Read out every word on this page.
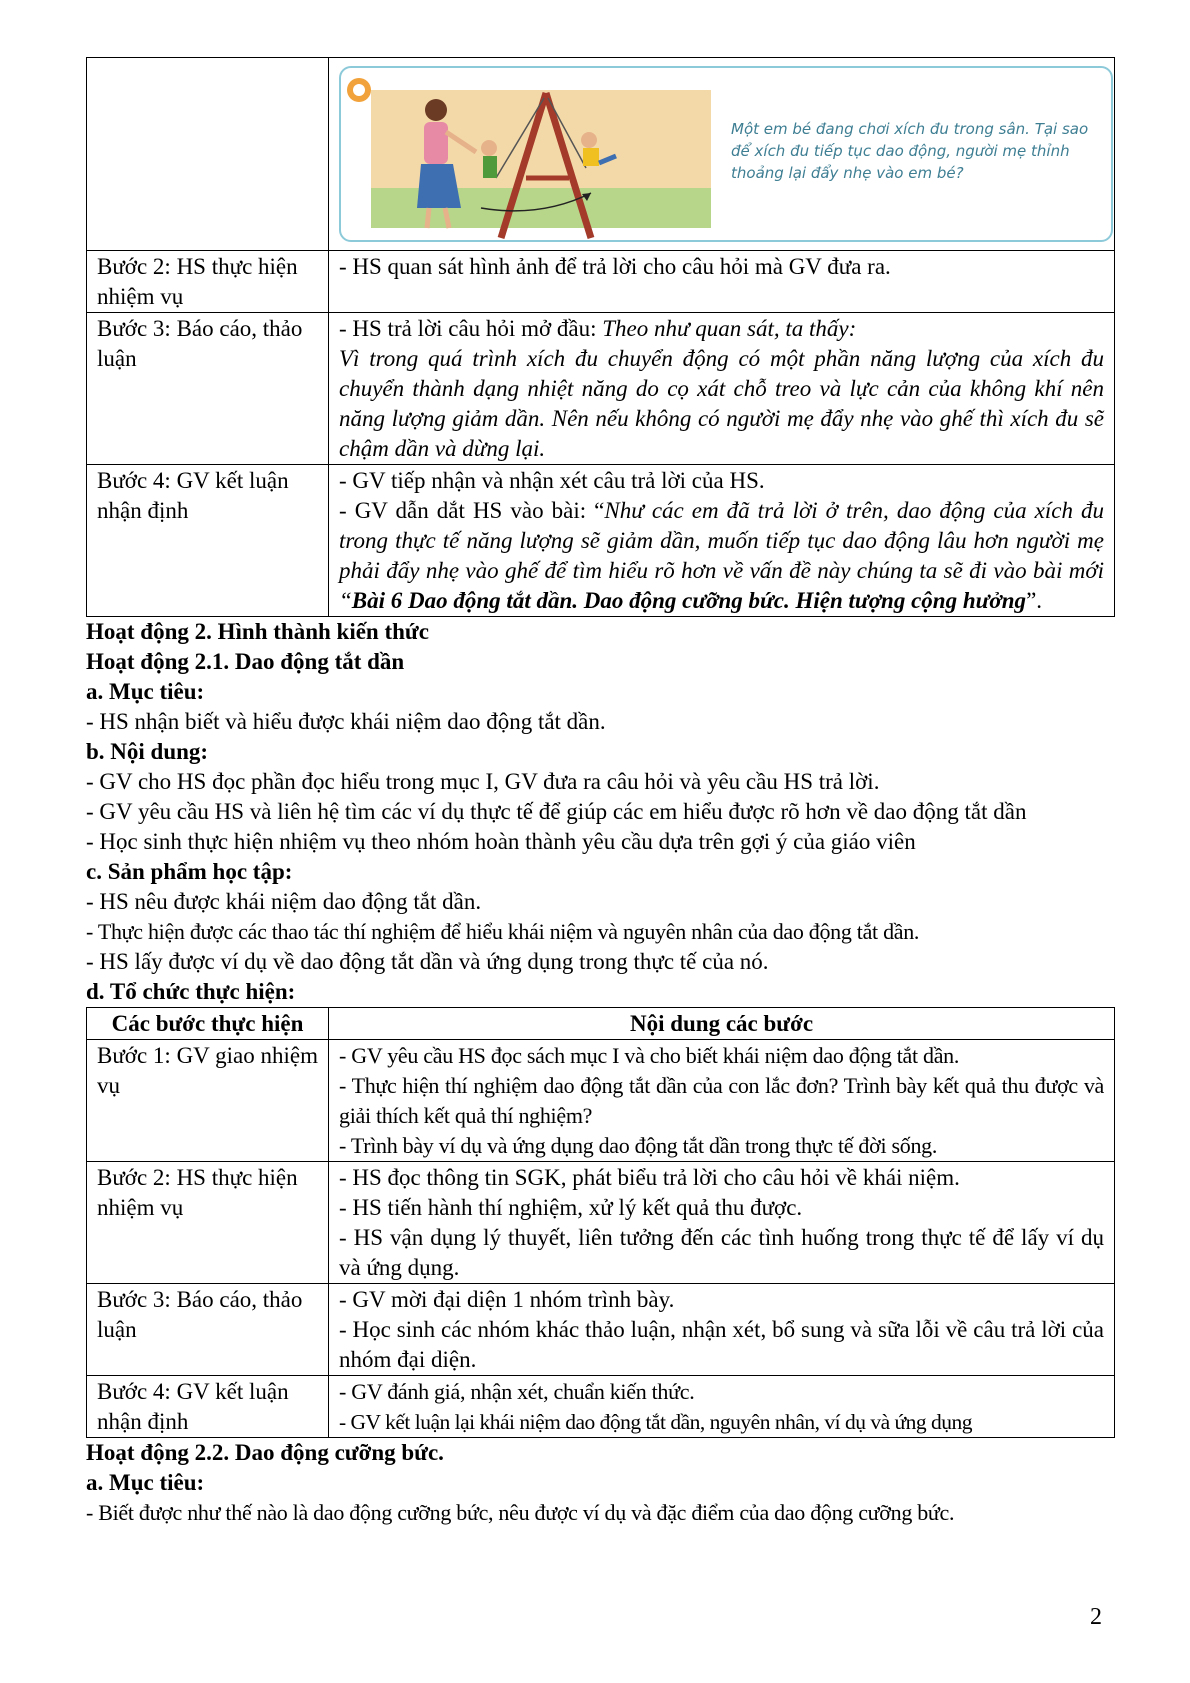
	Một em bé đang chơi xích đu trong sân. Tại sao để xích đu tiếp tục dao động, người mẹ thỉnh thoảng lại đẩy nhẹ vào em bé?

Bước 2: HS thực hiện nhiệm vụ	- HS quan sát hình ảnh để trả lời cho câu hỏi mà GV đưa ra.

Bước 3: Báo cáo, thảo luận	- HS trả lời câu hỏi mở đầu: Theo như quan sát, ta thấy:
Vì trong quá trình xích đu chuyển động có một phần năng lượng của xích đu chuyển thành dạng nhiệt năng do cọ xát chỗ treo và lực cản của không khí nên năng lượng giảm dần. Nên nếu không có người mẹ đẩy nhẹ vào ghế thì xích đu sẽ chậm dần và dừng lại.
Bước 4: GV kết luận nhận định	- GV tiếp nhận và nhận xét câu trả lời của HS.
- GV dẫn dắt HS vào bài: “Như các em đã trả lời ở trên, dao động của xích đu trong thực tế năng lượng sẽ giảm dần, muốn tiếp tục dao động lâu hơn người mẹ phải đẩy nhẹ vào ghế để tìm hiểu rõ hơn về vấn đề này chúng ta sẽ đi vào bài mới “Bài 6 Dao động tắt dần. Dao động cưỡng bức. Hiện tượng cộng hưởng”.

Hoạt động 2. Hình thành kiến thức

Hoạt động 2.1. Dao động tắt dần

a. Mục tiêu:

- HS nhận biết và hiểu được khái niệm dao động tắt dần.

b. Nội dung:

- GV cho HS đọc phần đọc hiểu trong mục I, GV đưa ra câu hỏi và yêu cầu HS trả lời.

- GV yêu cầu HS và liên hệ tìm các ví dụ thực tế để giúp các em hiểu được rõ hơn về dao động tắt dần

- Học sinh thực hiện nhiệm vụ theo nhóm hoàn thành yêu cầu dựa trên gợi ý của giáo viên

c. Sản phẩm học tập:

- HS nêu được khái niệm dao động tắt dần.

- Thực hiện được các thao tác thí nghiệm để hiểu khái niệm và nguyên nhân của dao động tắt dần.

- HS lấy được ví dụ về dao động tắt dần và ứng dụng trong thực tế của nó.

d. Tổ chức thực hiện:

Các bước thực hiện	Nội dung các bước
Bước 1: GV giao nhiệm vụ	- GV yêu cầu HS đọc sách mục I và cho biết khái niệm dao động tắt dần.
- Thực hiện thí nghiệm dao động tắt dần của con lắc đơn? Trình bày kết quả thu được và giải thích kết quả thí nghiệm?
- Trình bày ví dụ và ứng dụng dao động tắt dần trong thực tế đời sống.

Bước 2: HS thực hiện nhiệm vụ	- HS đọc thông tin SGK, phát biểu trả lời cho câu hỏi về khái niệm.
- HS tiến hành thí nghiệm, xử lý kết quả thu được.
- HS vận dụng lý thuyết, liên tưởng đến các tình huống trong thực tế để lấy ví dụ và ứng dụng.

Bước 3: Báo cáo, thảo luận	- GV mời đại diện 1 nhóm trình bày.
- Học sinh các nhóm khác thảo luận, nhận xét, bổ sung và sữa lỗi về câu trả lời của nhóm đại diện.

Bước 4: GV kết luận nhận định	- GV đánh giá, nhận xét, chuẩn kiến thức.
- GV kết luận lại khái niệm dao động tắt dần, nguyên nhân, ví dụ và ứng dụng

Hoạt động 2.2. Dao động cưỡng bức.

a. Mục tiêu:

- Biết được như thế nào là dao động cưỡng bức, nêu được ví dụ và đặc điểm của dao động cưỡng bức.

2
